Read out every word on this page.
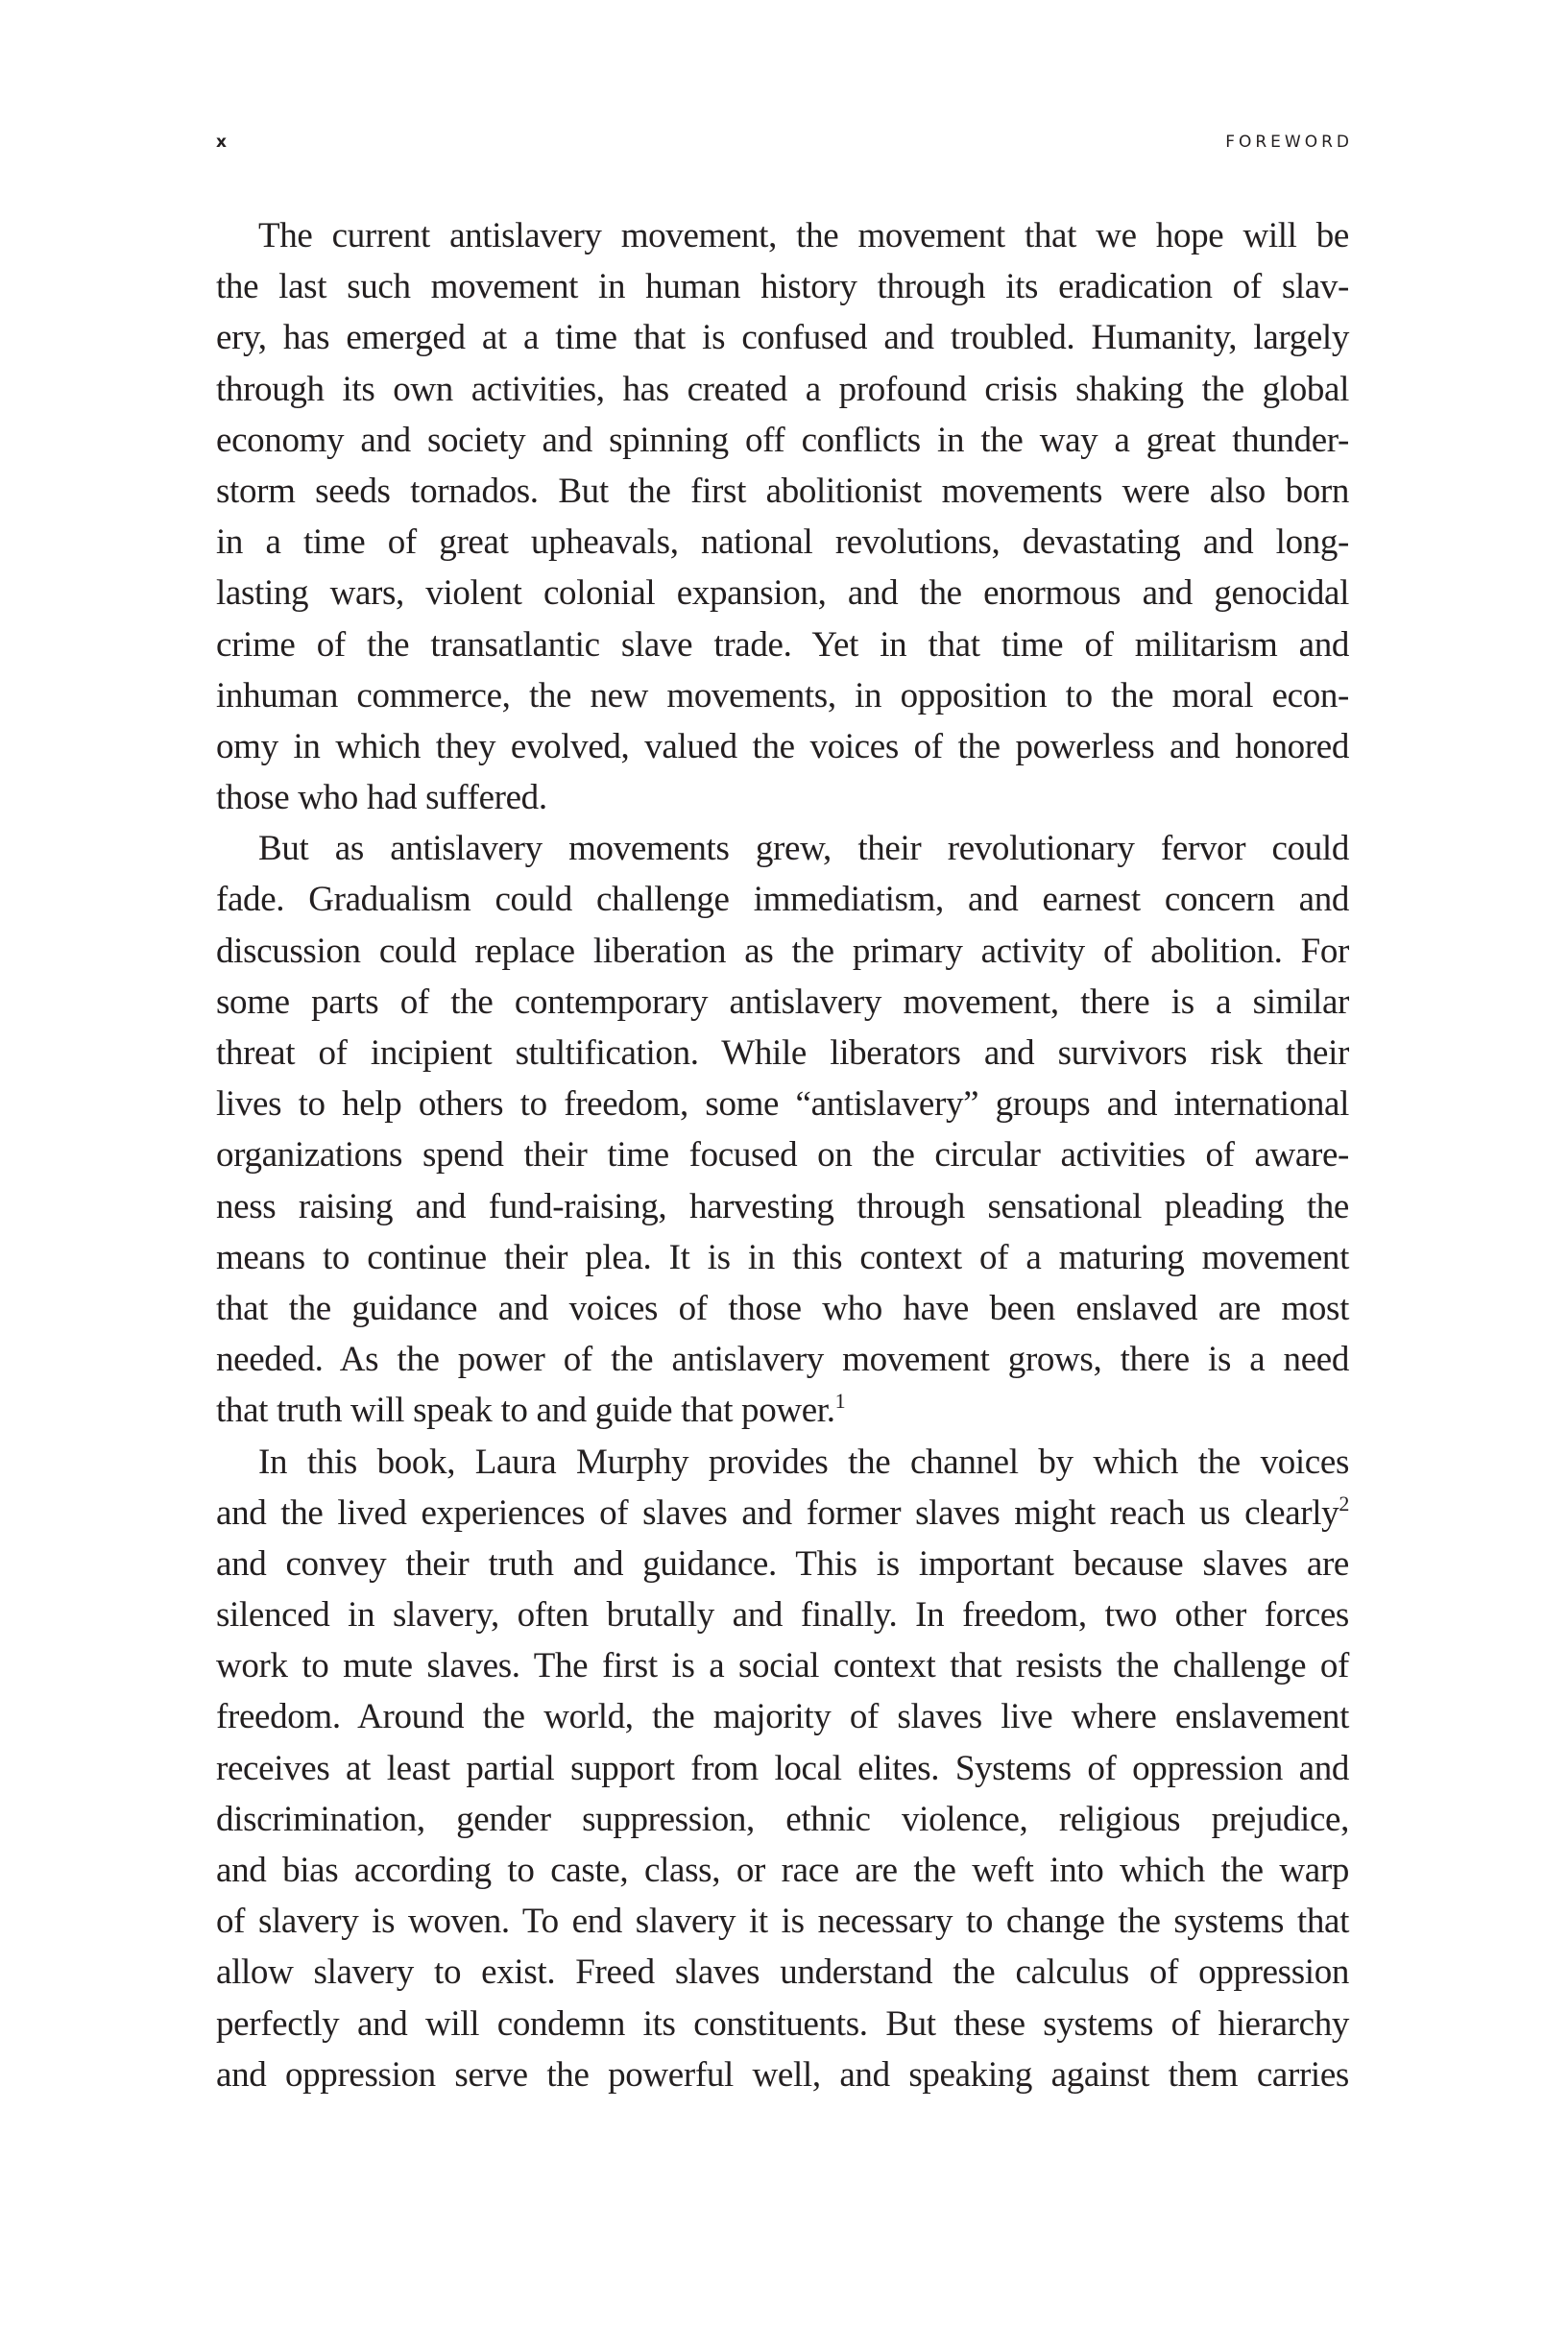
x	FOREWORD
The current antislavery movement, the movement that we hope will be
the last such movement in human history through its eradication of slav-
ery, has emerged at a time that is confused and troubled. Humanity, largely
through its own activities, has created a profound crisis shaking the global
economy and society and spinning off conflicts in the way a great thunder-
storm seeds tornados. But the first abolitionist movements were also born
in a time of great upheavals, national revolutions, devastating and long-
lasting wars, violent colonial expansion, and the enormous and genocidal
crime of the transatlantic slave trade. Yet in that time of militarism and
inhuman commerce, the new movements, in opposition to the moral econ-
omy in which they evolved, valued the voices of the powerless and honored
those who had suffered.
But as antislavery movements grew, their revolutionary fervor could
fade. Gradualism could challenge immediatism, and earnest concern and
discussion could replace liberation as the primary activity of abolition. For
some parts of the contemporary antislavery movement, there is a similar
threat of incipient stultification. While liberators and survivors risk their
lives to help others to freedom, some “antislavery” groups and international
organizations spend their time focused on the circular activities of aware-
ness raising and fund-raising, harvesting through sensational pleading the
means to continue their plea. It is in this context of a maturing movement
that the guidance and voices of those who have been enslaved are most
needed. As the power of the antislavery movement grows, there is a need
that truth will speak to and guide that power.$^1$
In this book, Laura Murphy provides the channel by which the voices
and the lived experiences of slaves and former slaves might reach us clearly$^2$
and convey their truth and guidance. This is important because slaves are
silenced in slavery, often brutally and finally. In freedom, two other forces
work to mute slaves. The first is a social context that resists the challenge of
freedom. Around the world, the majority of slaves live where enslavement
receives at least partial support from local elites. Systems of oppression and
discrimination, gender suppression, ethnic violence, religious prejudice,
and bias according to caste, class, or race are the weft into which the warp
of slavery is woven. To end slavery it is necessary to change the systems that
allow slavery to exist. Freed slaves understand the calculus of oppression
perfectly and will condemn its constituents. But these systems of hierarchy
and oppression serve the powerful well, and speaking against them carries
